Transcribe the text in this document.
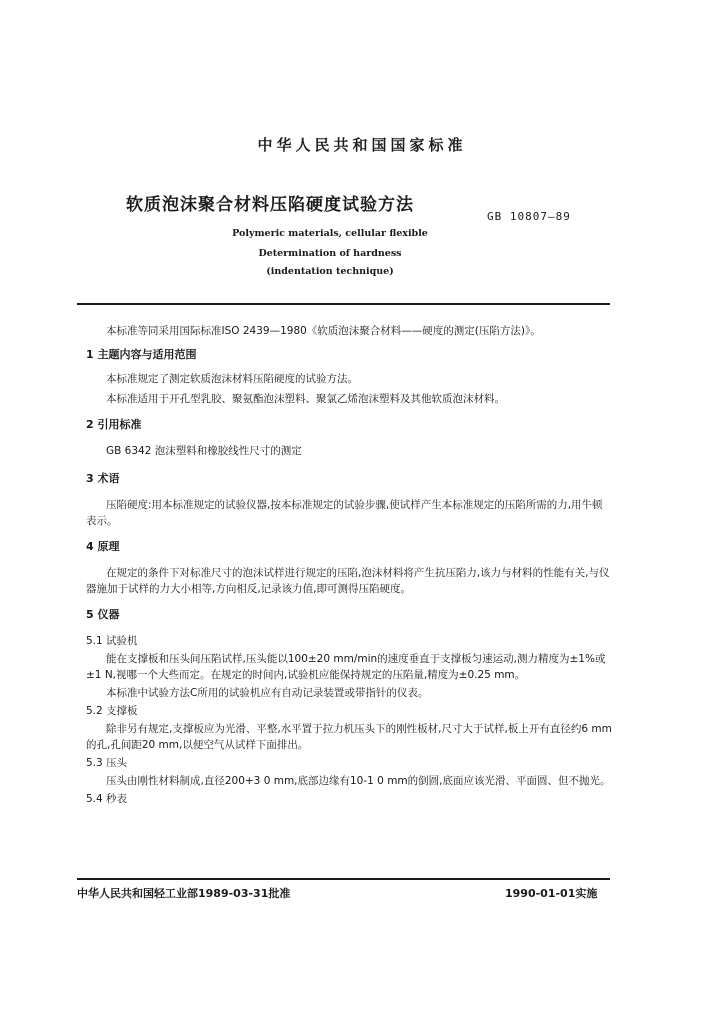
中华人民共和国国家标准
软质泡沫聚合材料压陷硬度试验方法
GB 10807—89
Polymeric materials, cellular flexible
Determination of hardness
(indentation technique)

本标准等同采用国际标准ISO 2439—1980《软质泡沫聚合材料——硬度的测定(压陷方法)》。

1 主题内容与适用范围

本标准规定了测定软质泡沫材料压陷硬度的试验方法。

本标准适用于开孔型乳胶、聚氨酯泡沫塑料、聚氯乙烯泡沫塑料及其他软质泡沫材料。

2 引用标准

GB 6342 泡沫塑料和橡胶线性尺寸的测定

3 术语

压陷硬度:用本标准规定的试验仪器,按本标准规定的试验步骤,使试样产生本标准规定的压陷所需的力,用牛顿表示。

4 原理

在规定的条件下对标准尺寸的泡沫试样进行规定的压陷,泡沫材料将产生抗压陷力,该力与材料的性能有关,与仪器施加于试样的力大小相等,方向相反,记录该力值,即可测得压陷硬度。

5 仪器

5.1 试验机

能在支撑板和压头间压陷试样,压头能以100±20 mm/min的速度垂直于支撑板匀速运动,测力精度为±1%或±1 N,视哪一个大些而定。在规定的时间内,试验机应能保持规定的压陷量,精度为±0.25 mm。

本标准中试验方法C所用的试验机应有自动记录装置或带指针的仪表。

5.2 支撑板

除非另有规定,支撑板应为光滑、平整,水平置于拉力机压头下的刚性板材,尺寸大于试样,板上开有直径约6 mm的孔,孔间距20 mm,以便空气从试样下面排出。

5.3 压头

压头由刚性材料制成,直径200+3 0 mm,底部边缘有10-1 0 mm的倒圆,底面应该光滑、平面圆、但不抛光。

5.4 秒表

中华人民共和国轻工业部1989-03-31批准	1990-01-01实施
